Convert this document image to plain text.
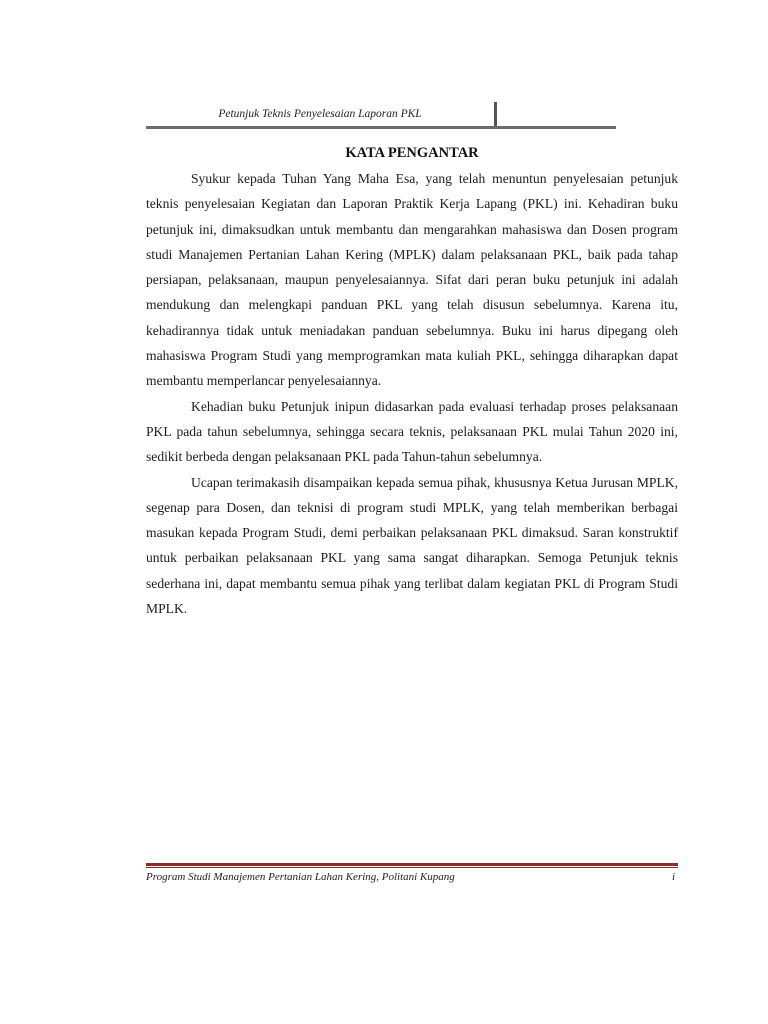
Petunjuk Teknis Penyelesaian Laporan PKL
KATA PENGANTAR

Syukur kepada Tuhan Yang Maha Esa, yang telah menuntun penyelesaian petunjuk teknis penyelesaian Kegiatan dan Laporan Praktik Kerja Lapang (PKL) ini. Kehadiran buku petunjuk ini, dimaksudkan untuk membantu dan mengarahkan mahasiswa dan Dosen program studi Manajemen Pertanian Lahan Kering (MPLK) dalam pelaksanaan PKL, baik pada tahap persiapan, pelaksanaan, maupun penyelesaiannya. Sifat dari peran buku petunjuk ini adalah mendukung dan melengkapi panduan PKL yang telah disusun sebelumnya. Karena itu, kehadirannya tidak untuk meniadakan panduan sebelumnya. Buku ini harus dipegang oleh mahasiswa Program Studi yang memprogramkan mata kuliah PKL, sehingga diharapkan dapat membantu memperlancar penyelesaiannya.

Kehadian buku Petunjuk inipun didasarkan pada evaluasi terhadap proses pelaksanaan PKL pada tahun sebelumnya, sehingga secara teknis, pelaksanaan PKL mulai Tahun 2020 ini, sedikit berbeda dengan pelaksanaan PKL pada Tahun-tahun sebelumnya.

Ucapan terimakasih disampaikan kepada semua pihak, khususnya Ketua Jurusan MPLK, segenap para Dosen, dan teknisi di program studi MPLK, yang telah memberikan berbagai masukan kepada Program Studi, demi perbaikan pelaksanaan PKL dimaksud. Saran konstruktif untuk perbaikan pelaksanaan PKL yang sama sangat diharapkan. Semoga Petunjuk teknis sederhana ini, dapat membantu semua pihak yang terlibat dalam kegiatan PKL di Program Studi MPLK.

Program Studi Manajemen Pertanian Lahan Kering, Politani Kupang	i
